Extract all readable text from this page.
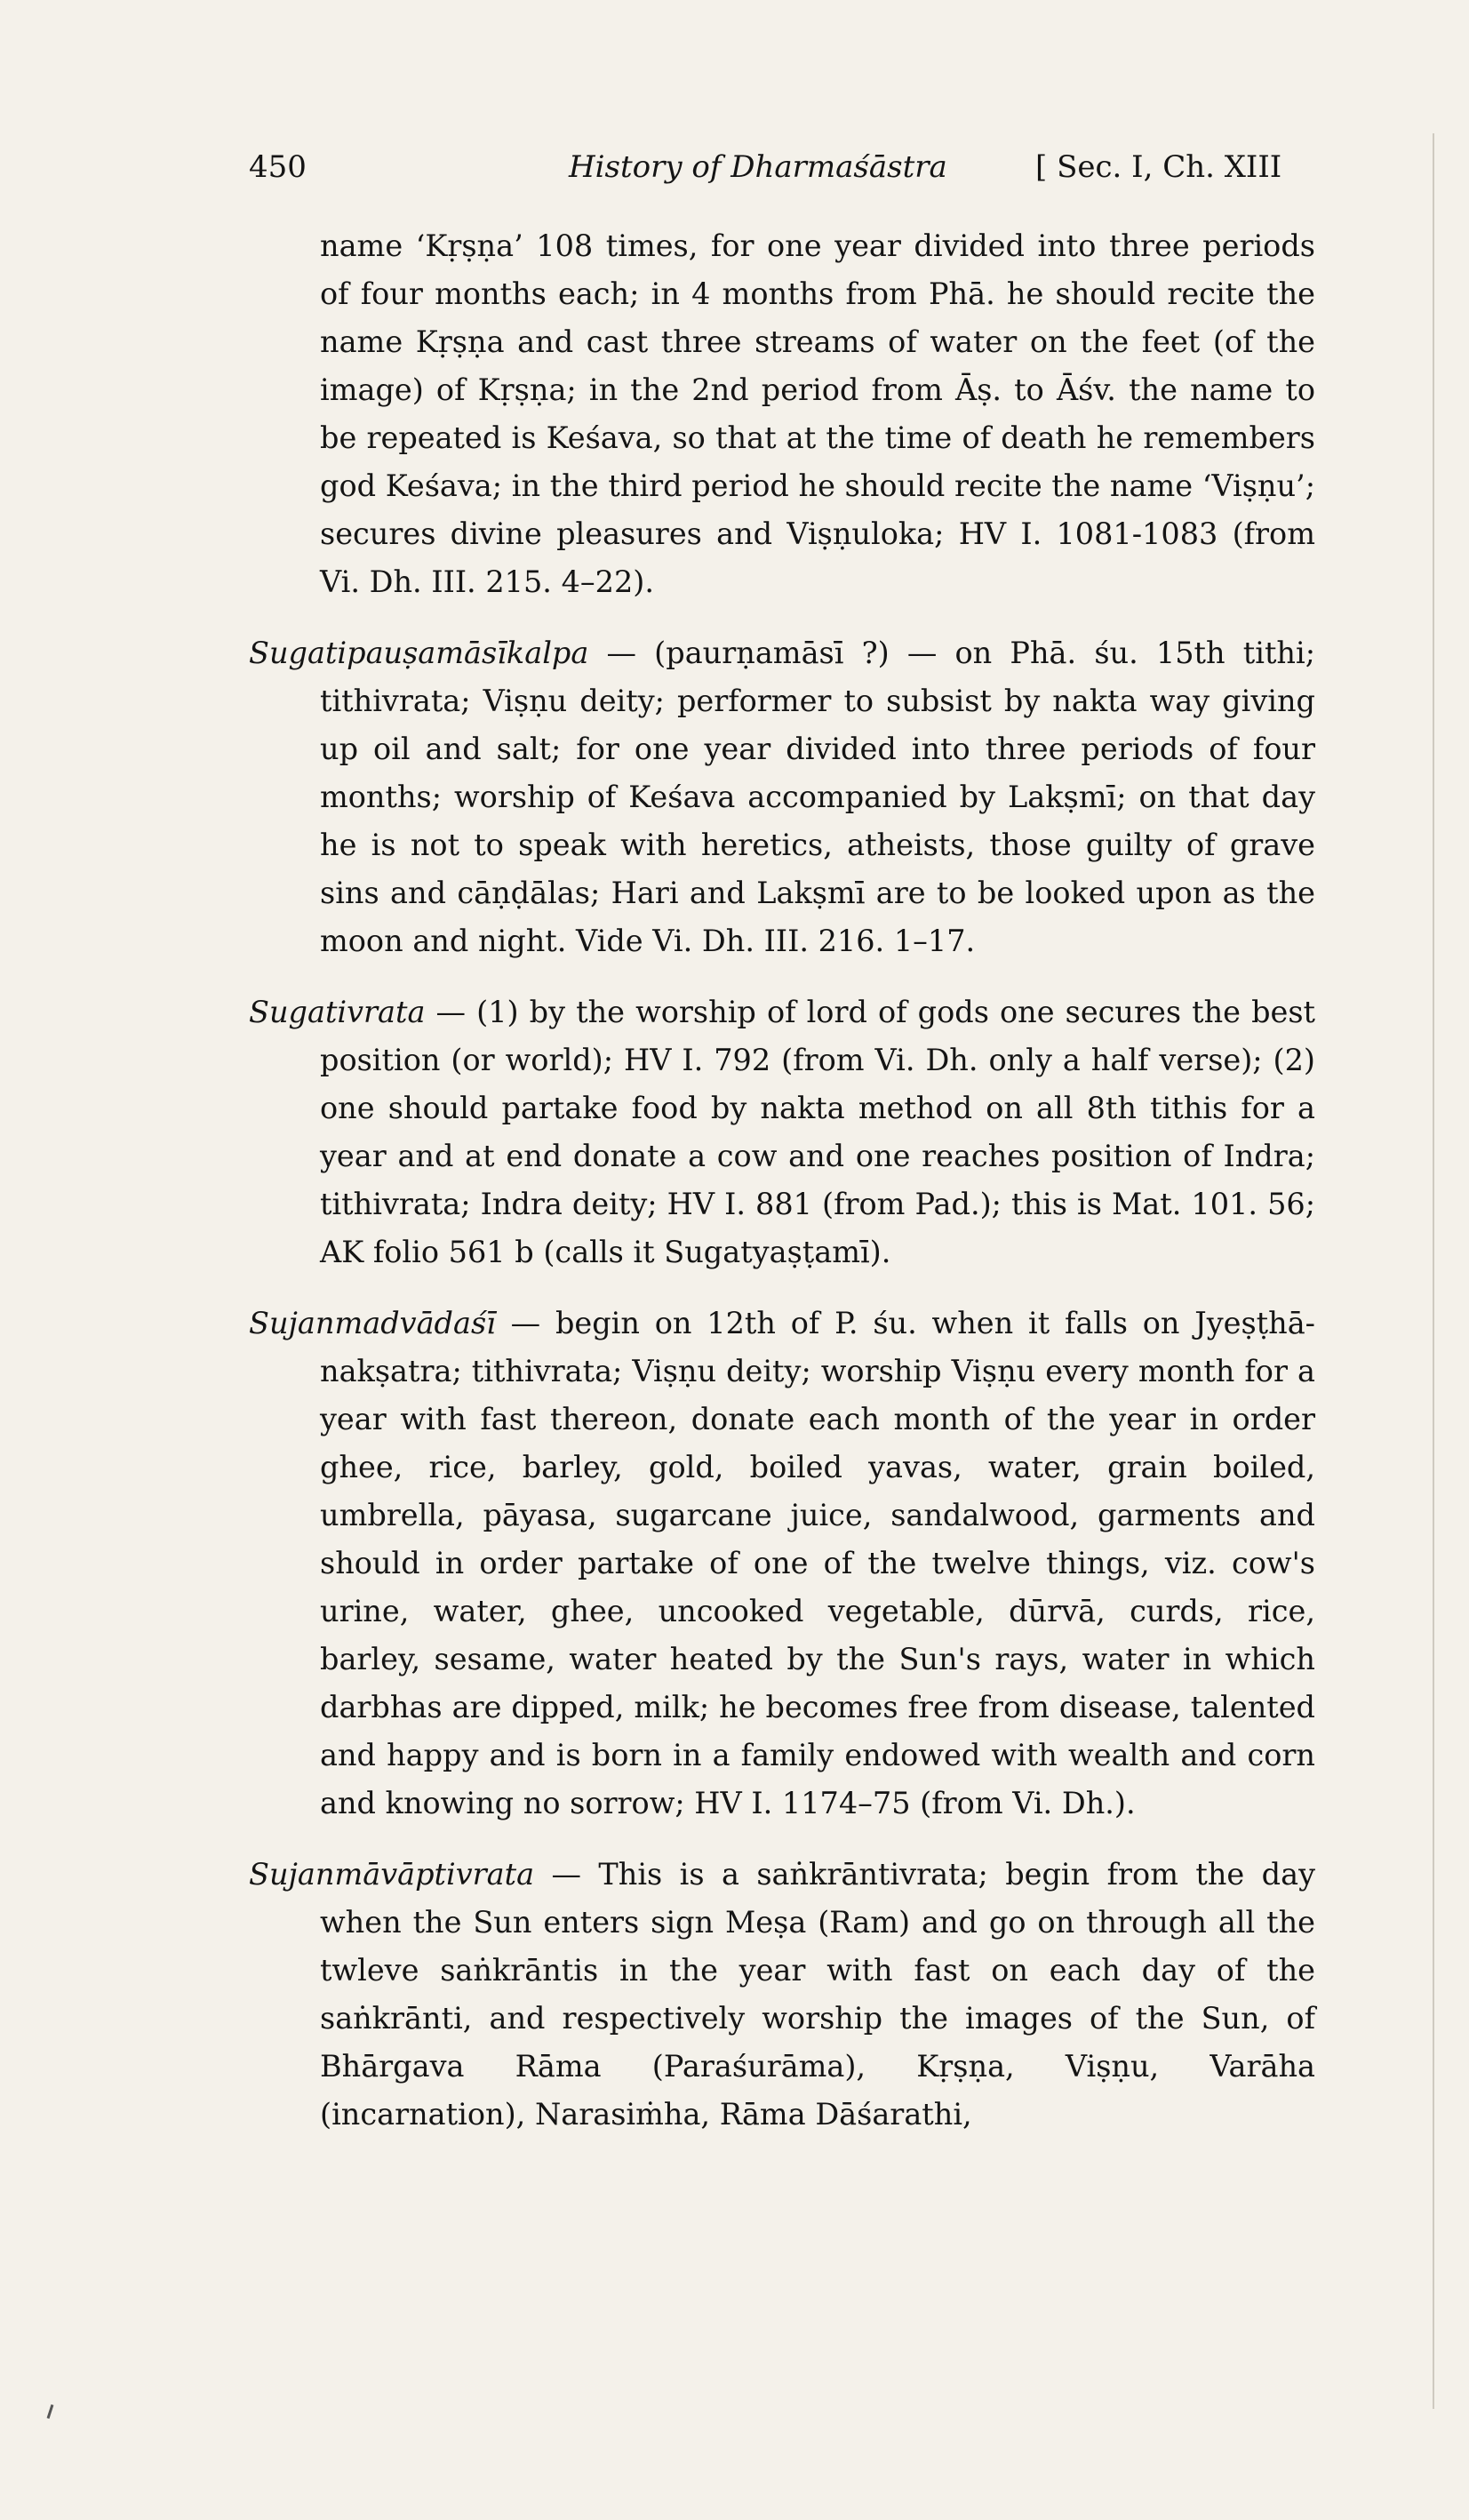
450	History of Dharmaśāstra	[ Sec. I, Ch. XIII

name ‘Kṛṣṇa’ 108 times, for one year divided into three periods of four months each; in 4 months from Phā. he should recite the name Kṛṣṇa and cast three streams of water on the feet (of the image) of Kṛṣṇa; in the 2nd period from Āṣ. to Āśv. the name to be repeated is Keśava, so that at the time of death he remembers god Keśava; in the third period he should recite the name ‘Viṣṇu’; secures divine pleasures and Viṣṇuloka; HV I. 1081-1083 (from Vi. Dh. III. 215. 4–22).

Sugatipauṣamāsīkalpa — (paurṇamāsī ?) — on Phā. śu. 15th tithi; tithivrata; Viṣṇu deity; performer to subsist by nakta way giving up oil and salt; for one year divided into three periods of four months; worship of Keśava accompanied by Lakṣmī; on that day he is not to speak with heretics, atheists, those guilty of grave sins and cāṇḍālas; Hari and Lakṣmī are to be looked upon as the moon and night. Vide Vi. Dh. III. 216. 1–17.

Sugativrata — (1) by the worship of lord of gods one secures the best position (or world); HV I. 792 (from Vi. Dh. only a half verse); (2) one should partake food by nakta method on all 8th tithis for a year and at end donate a cow and one reaches position of Indra; tithivrata; Indra deity; HV I. 881 (from Pad.); this is Mat. 101. 56; AK folio 561 b (calls it Sugatyaṣṭamī).

Sujanmadvādaśī — begin on 12th of P. śu. when it falls on Jyeṣṭhā-nakṣatra; tithivrata; Viṣṇu deity; worship Viṣṇu every month for a year with fast thereon, donate each month of the year in order ghee, rice, barley, gold, boiled yavas, water, grain boiled, umbrella, pāyasa, sugarcane juice, sandalwood, garments and should in order partake of one of the twelve things, viz. cow's urine, water, ghee, uncooked vegetable, dūrvā, curds, rice, barley, sesame, water heated by the Sun's rays, water in which darbhas are dipped, milk; he becomes free from disease, talented and happy and is born in a family endowed with wealth and corn and knowing no sorrow; HV I. 1174–75 (from Vi. Dh.).

Sujanmāvāptivrata — This is a saṅkrāntivrata; begin from the day when the Sun enters sign Meṣa (Ram) and go on through all the twleve saṅkrāntis in the year with fast on each day of the saṅkrānti, and respectively worship the images of the Sun, of Bhārgava Rāma (Paraśurāma), Kṛṣṇa, Viṣṇu, Varāha (incarnation), Narasiṁha, Rāma Dāśarathi,
